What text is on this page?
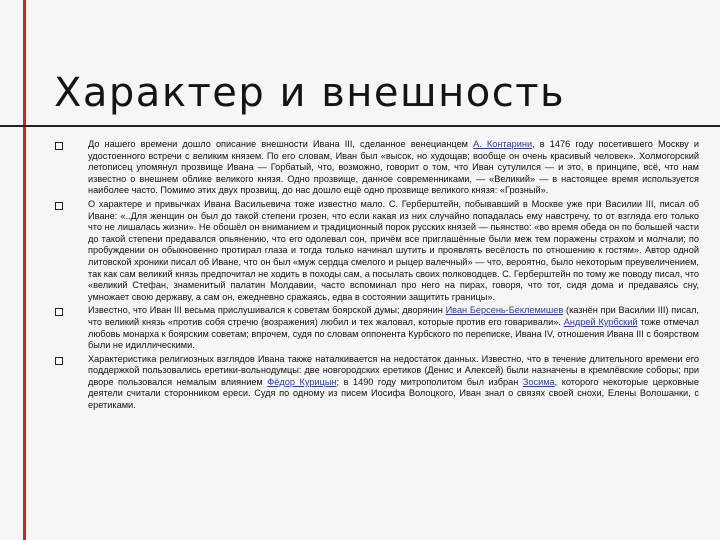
Характер и внешность
До нашего времени дошло описание внешности Ивана III, сделанное венецианцем А. Контарини, в 1476 году посетившего Москву и удостоенного встречи с великим князем. По его словам, Иван был «высок, но худощав; вообще он очень красивый человек». Холмогорский летописец упомянул прозвище Ивана — Горбатый, что, возможно, говорит о том, что Иван сутулился — и это, в принципе, всё, что нам известно о внешнем облике великого князя. Одно прозвище, данное современниками, — «Великий» — в настоящее время используется наиболее часто. Помимо этих двух прозвищ, до нас дошло ещё одно прозвище великого князя: «Грозный».
О характере и привычках Ивана Васильевича тоже известно мало. С. Герберштейн, побывавший в Москве уже при Василии III, писал об Иване: «..Для женщин он был до такой степени грозен, что если какая из них случайно попадалась ему навстречу, то от взгляда его только что не лишалась жизни». Не обошёл он вниманием и традиционный порок русских князей — пьянство: «во время обеда он по большей части до такой степени предавался опьянению, что его одолевал сон, причём все приглашённые были меж тем поражены страхом и молчали; по пробуждении он обыкновенно протирал глаза и тогда только начинал шутить и проявлять весёлость по отношению к гостям». Автор одной литовской хроники писал об Иване, что он был «муж сердца смелого и рыцер валечный» — что, вероятно, было некоторым преувеличением, так как сам великий князь предпочитал не ходить в походы сам, а посылать своих полководцев. С. Герберштейн по тому же поводу писал, что «великий Стефан, знаменитый палатин Молдавии, часто вспоминал про него на пирах, говоря, что тот, сидя дома и предаваясь сну, умножает свою державу, а сам он, ежедневно сражаясь, едва в состоянии защитить границы».
Известно, что Иван III весьма прислушивался к советам боярской думы; дворянин Иван Берсень-Беклемишев (казнён при Василии III) писал, что великий князь «против собя стречю (возражения) любил и тех жаловал, которые против его говаривали». Андрей Курбский тоже отмечал любовь монарха к боярским советам; впрочем, судя по словам оппонента Курбского по переписке, Ивана IV, отношения Ивана III с боярством были не идиллическими.
Характеристика религиозных взглядов Ивана также наталкивается на недостаток данных. Известно, что в течение длительного времени его поддержкой пользовались еретики-вольнодумцы: две новгородских еретиков (Денис и Алексей) были назначены в кремлёвские соборы; при дворе пользовался немалым влиянием Фёдор Курицын; в 1490 году митрополитом был избран Зосима, которого некоторые церковные деятели считали сторонником ереси. Судя по одному из писем Иосифа Волоцкого, Иван знал о связях своей снохи, Елены Волошанки, с еретиками.
